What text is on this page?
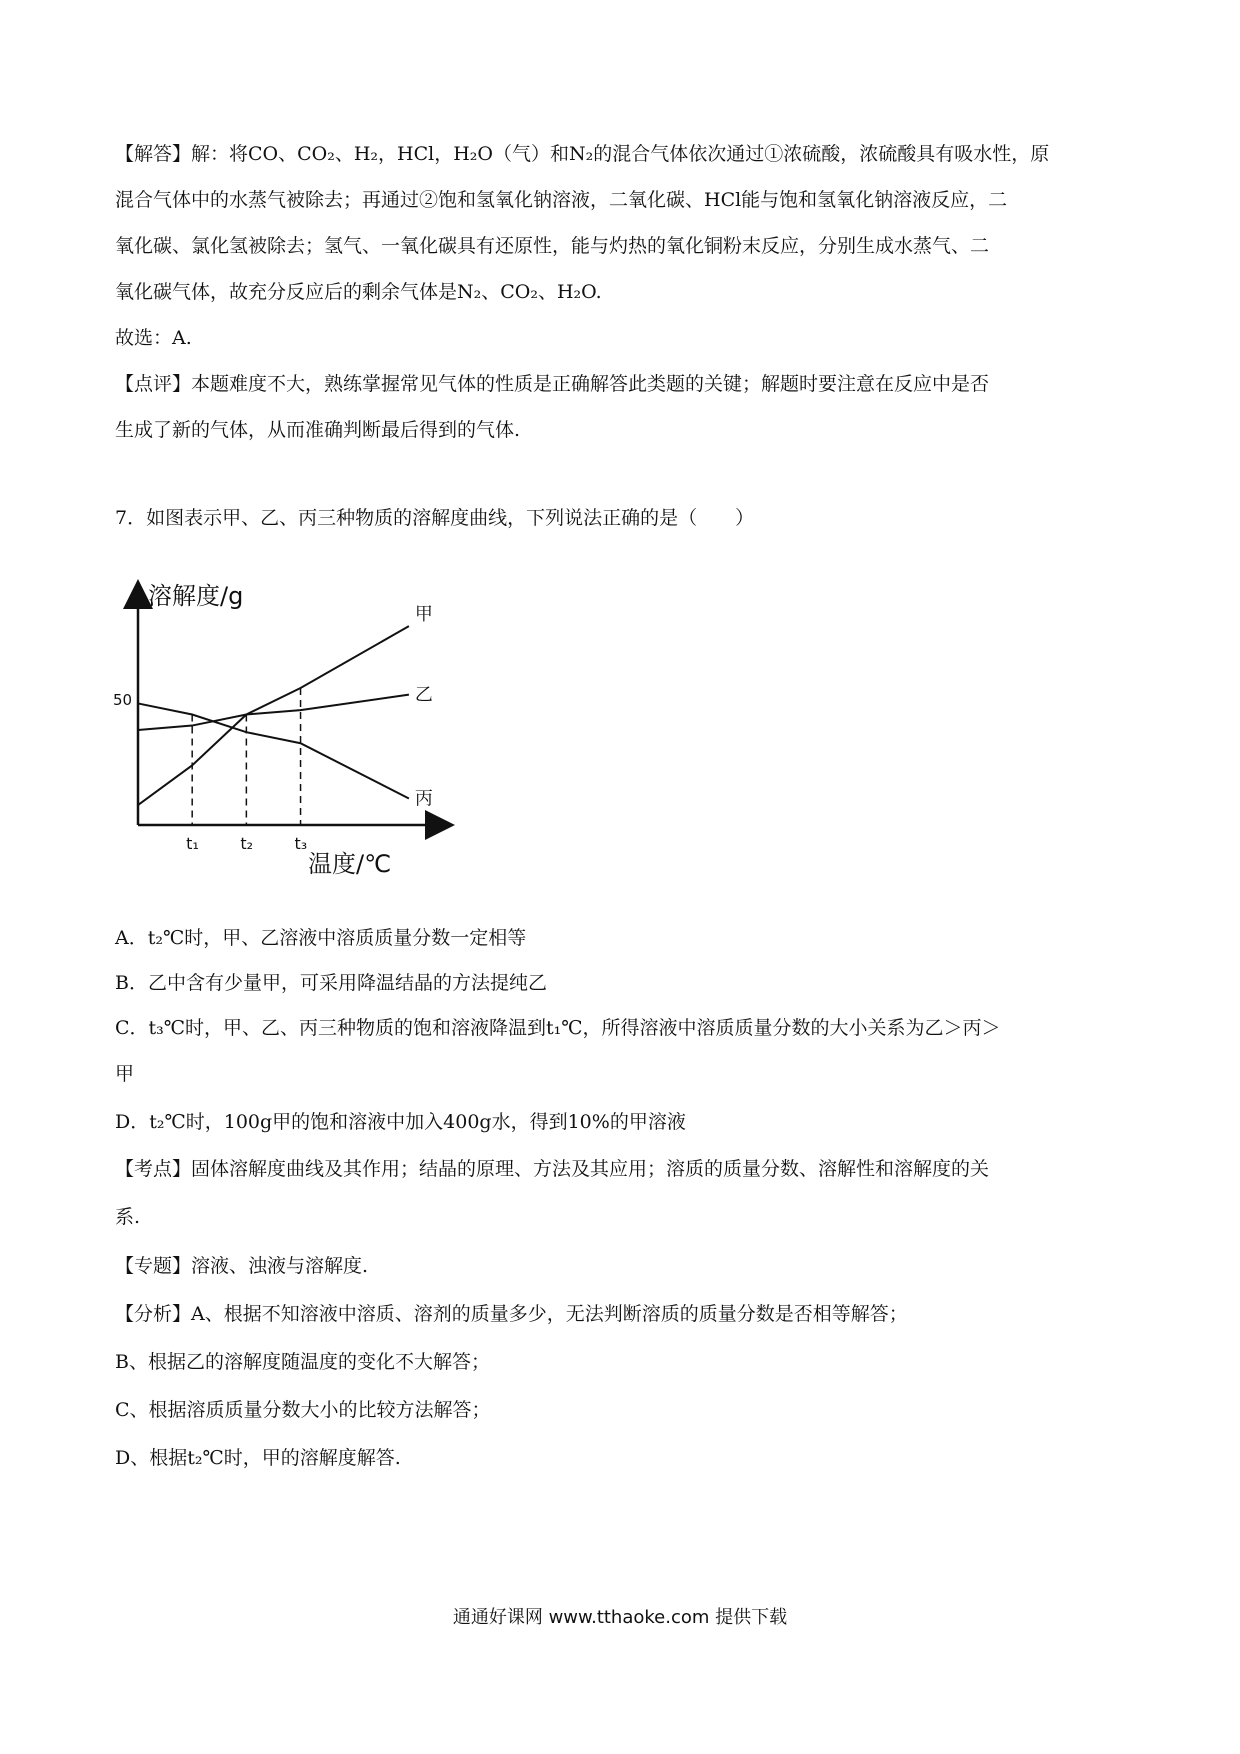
【解答】解：将CO、CO₂、H₂，HCl，H₂O（气）和N₂的混合气体依次通过①浓硫酸，浓硫酸具有吸水性，原
混合气体中的水蒸气被除去；再通过②饱和氢氧化钠溶液，二氧化碳、HCl能与饱和氢氧化钠溶液反应，二
氧化碳、氯化氢被除去；氢气、一氧化碳具有还原性，能与灼热的氧化铜粉末反应，分别生成水蒸气、二
氧化碳气体，故充分反应后的剩余气体是N₂、CO₂、H₂O.
故选：A.
【点评】本题难度不大，熟练掌握常见气体的性质是正确解答此类题的关键；解题时要注意在反应中是否
生成了新的气体，从而准确判断最后得到的气体.
7．如图表示甲、乙、丙三种物质的溶解度曲线，下列说法正确的是（　　）
溶解度/g
温度/℃
50
t₁	t₂	t₃
甲
乙
丙
A．t₂℃时，甲、乙溶液中溶质质量分数一定相等
B．乙中含有少量甲，可采用降温结晶的方法提纯乙
C．t₃℃时，甲、乙、丙三种物质的饱和溶液降温到t₁℃，所得溶液中溶质质量分数的大小关系为乙＞丙＞
甲
D．t₂℃时，100g甲的饱和溶液中加入400g水，得到10%的甲溶液
【考点】固体溶解度曲线及其作用；结晶的原理、方法及其应用；溶质的质量分数、溶解性和溶解度的关
系.
【专题】溶液、浊液与溶解度.
【分析】A、根据不知溶液中溶质、溶剂的质量多少，无法判断溶质的质量分数是否相等解答；
B、根据乙的溶解度随温度的变化不大解答；
C、根据溶质质量分数大小的比较方法解答；
D、根据t₂℃时，甲的溶解度解答.
通通好课网 www.tthaoke.com 提供下载
